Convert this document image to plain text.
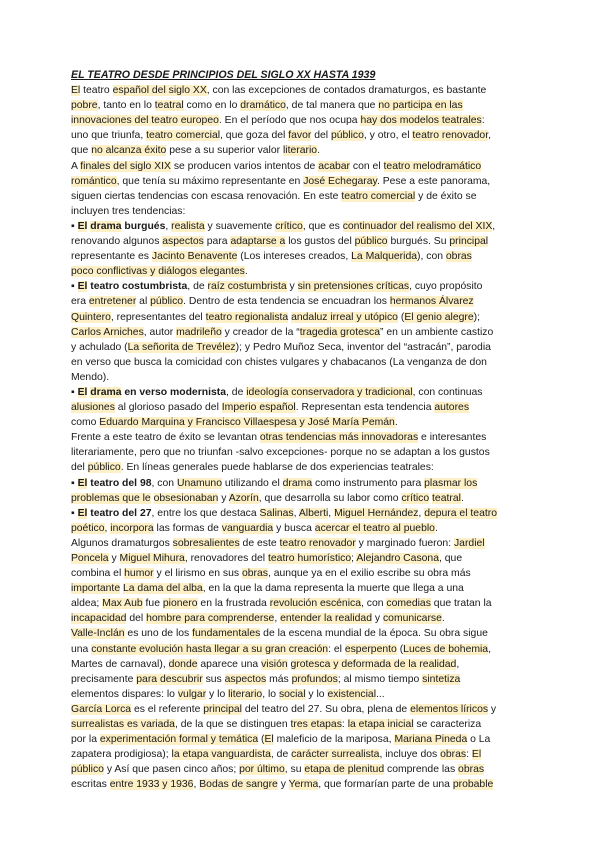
EL TEATRO DESDE PRINCIPIOS DEL SIGLO XX HASTA 1939

El teatro español del siglo XX, con las excepciones de contados dramaturgos, es bastante
pobre, tanto en lo teatral como en lo dramático, de tal manera que no participa en las
innovaciones del teatro europeo. En el período que nos ocupa hay dos modelos teatrales:
uno que triunfa, teatro comercial, que goza del favor del público, y otro, el teatro renovador,
que no alcanza éxito pese a su superior valor literario.
A finales del siglo XIX se producen varios intentos de acabar con el teatro melodramático
romántico, que tenía su máximo representante en José Echegaray. Pese a este panorama,
siguen ciertas tendencias con escasa renovación. En este teatro comercial y de éxito se
incluyen tres tendencias:
▪ El drama burgués, realista y suavemente crítico, que es continuador del realismo del XIX,
renovando algunos aspectos para adaptarse a los gustos del público burgués. Su principal
representante es Jacinto Benavente (Los intereses creados, La Malquerida), con obras
poco conflictivas y diálogos elegantes.
▪ El teatro costumbrista, de raíz costumbrista y sin pretensiones críticas, cuyo propósito
era entretener al público. Dentro de esta tendencia se encuadran los hermanos Álvarez
Quintero, representantes del teatro regionalista andaluz irreal y utópico (El genio alegre);
Carlos Arniches, autor madrileño y creador de la “tragedia grotesca” en un ambiente castizo
y achulado (La señorita de Trevélez); y Pedro Muñoz Seca, inventor del “astracán”, parodia
en verso que busca la comicidad con chistes vulgares y chabacanos (La venganza de don
Mendo).
▪ El drama en verso modernista, de ideología conservadora y tradicional, con continuas
alusiones al glorioso pasado del Imperio español. Representan esta tendencia autores
como Eduardo Marquina y Francisco Villaespesa y José María Pemán.
Frente a este teatro de éxito se levantan otras tendencias más innovadoras e interesantes
literariamente, pero que no triunfan -salvo excepciones- porque no se adaptan a los gustos
del público. En líneas generales puede hablarse de dos experiencias teatrales:
▪ El teatro del 98, con Unamuno utilizando el drama como instrumento para plasmar los
problemas que le obsesionaban y Azorín, que desarrolla su labor como crítico teatral.
▪ El teatro del 27, entre los que destaca Salinas, Alberti, Miguel Hernández, depura el teatro
poético, incorpora las formas de vanguardia y busca acercar el teatro al pueblo.
Algunos dramaturgos sobresalientes de este teatro renovador y marginado fueron: Jardiel
Poncela y Miguel Mihura, renovadores del teatro humorístico; Alejandro Casona, que
combina el humor y el lirismo en sus obras, aunque ya en el exilio escribe su obra más
importante La dama del alba, en la que la dama representa la muerte que llega a una
aldea; Max Aub fue pionero en la frustrada revolución escénica, con comedias que tratan la
incapacidad del hombre para comprenderse, entender la realidad y comunicarse.
Valle-Inclán es uno de los fundamentales de la escena mundial de la época. Su obra sigue
una constante evolución hasta llegar a su gran creación: el esperpento (Luces de bohemia,
Martes de carnaval), donde aparece una visión grotesca y deformada de la realidad,
precisamente para descubrir sus aspectos más profundos; al mismo tiempo sintetiza
elementos dispares: lo vulgar y lo literario, lo social y lo existencial...
García Lorca es el referente principal del teatro del 27. Su obra, plena de elementos líricos y
surrealistas es variada, de la que se distinguen tres etapas: la etapa inicial se caracteriza
por la experimentación formal y temática (El maleficio de la mariposa, Mariana Pineda o La
zapatera prodigiosa); la etapa vanguardista, de carácter surrealista, incluye dos obras: El
público y Así que pasen cinco años; por último, su etapa de plenitud comprende las obras
escritas entre 1933 y 1936, Bodas de sangre y Yerma, que formarían parte de una probable
